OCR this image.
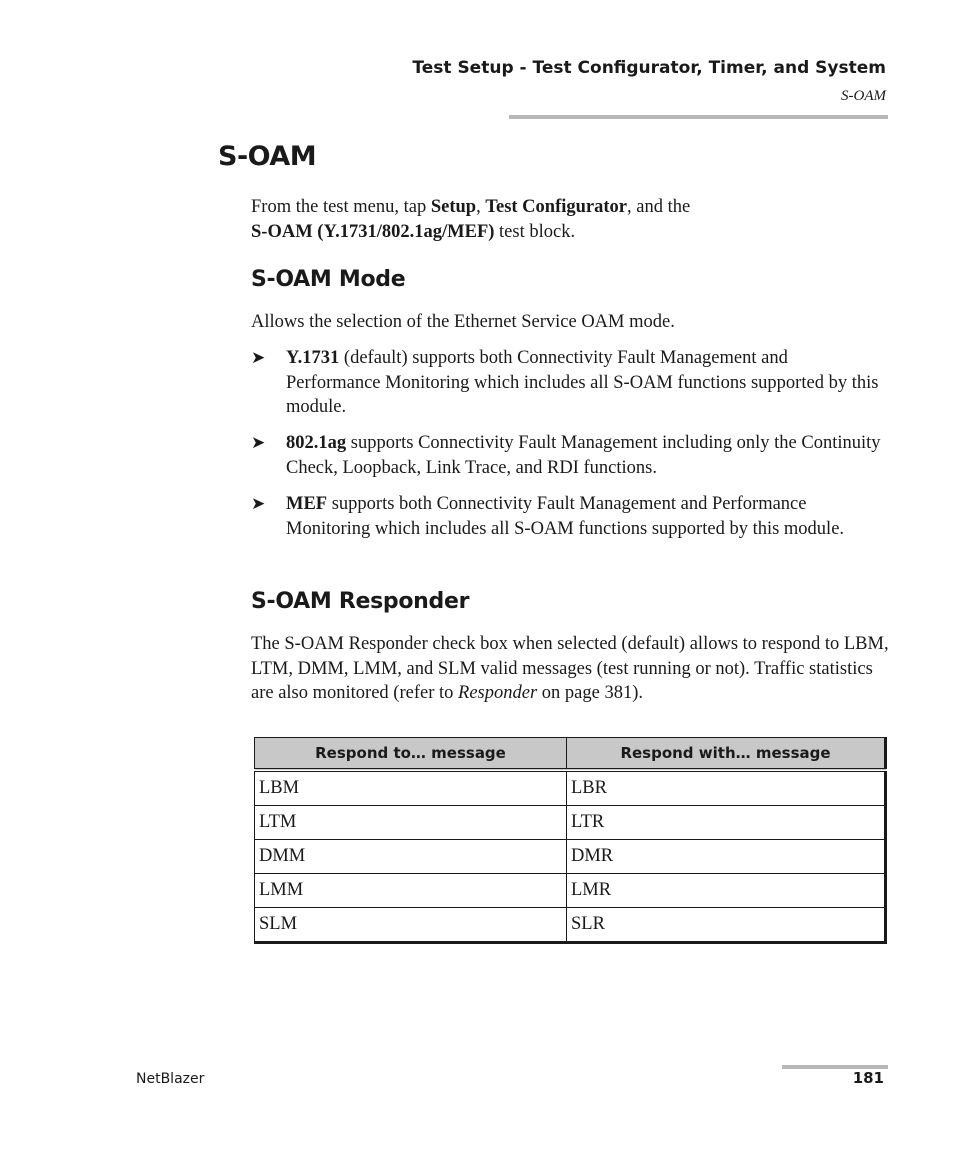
Test Setup - Test Configurator, Timer, and System
S-OAM
S-OAM

From the test menu, tap Setup, Test Configurator, and the
S-OAM (Y.1731/802.1ag/MEF) test block.

S-OAM Mode

Allows the selection of the Ethernet Service OAM mode.

➤ Y.1731 (default) supports both Connectivity Fault Management and Performance Monitoring which includes all S-OAM functions supported by this module.
➤ 802.1ag supports Connectivity Fault Management including only the Continuity Check, Loopback, Link Trace, and RDI functions.
➤ MEF supports both Connectivity Fault Management and Performance Monitoring which includes all S-OAM functions supported by this module.
S-OAM Responder

The S-OAM Responder check box when selected (default) allows to respond to LBM, LTM, DMM, LMM, and SLM valid messages (test running or not). Traffic statistics are also monitored (refer to Responder on page 381).

Respond to… message	Respond with… message
LBM	LBR
LTM	LTR
DMM	DMR
LMM	LMR
SLM	SLR
NetBlazer	181
